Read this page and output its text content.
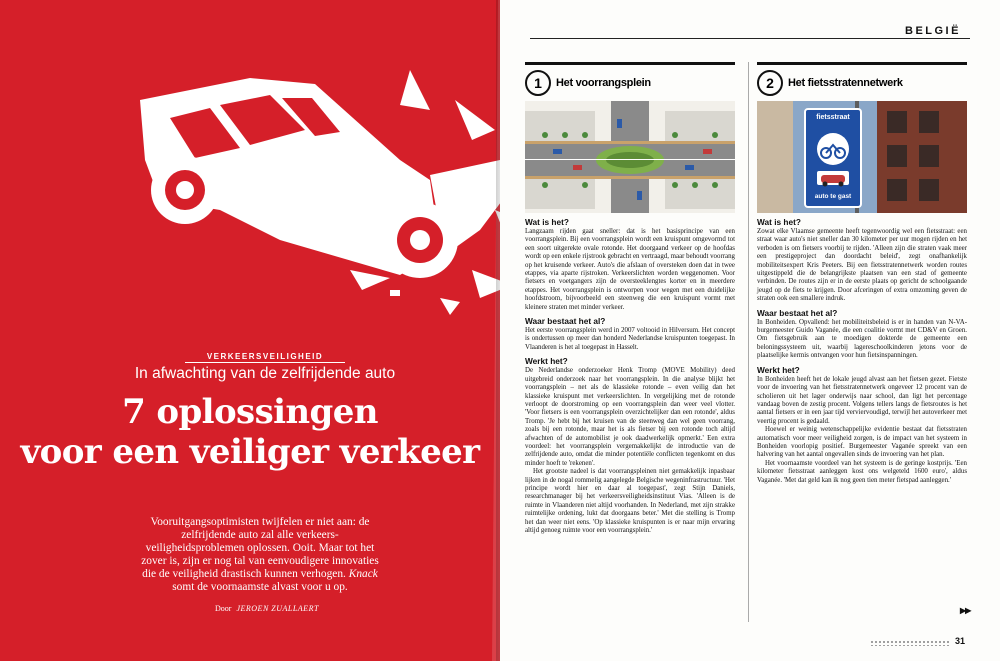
VERKEERSVEILIGHEID
In afwachting van de zelfrijdende auto
7 oplossingen
voor een veiliger verkeer

Vooruitgangsoptimisten twijfelen er niet aan: de zelfrijdende auto zal alle verkeers-veiligheidsproblemen oplossen. Ooit. Maar tot het zover is, zijn er nog tal van eenvoudigere innovaties die de veiligheid drastisch kunnen verhogen. Knack somt de voornaamste alvast voor u op.

Door JEROEN ZUALLAERT
BELGIË
1	Het voorrangsplein
Wat is het?

Langzaam rijden gaat sneller: dat is het basisprincipe van een voorrangsplein. Bij een voorrangsplein wordt een kruispunt omgevormd tot een soort uitgerekte ovale rotonde. Het doorgaand verkeer op de hoofdas wordt op een enkele rijstrook gebracht en vertraagd, maar behoudt voorrang op het kruisende verkeer. Auto's die afslaan of oversteken doen dat in twee etappes, via aparte rijstroken. Verkeerslichten worden weggenomen. Voor fietsers en voetgangers zijn de oversteeklengtes korter en in meerdere etappes. Het voorrangsplein is ontworpen voor wegen met een duidelijke hoofdstroom, bijvoorbeeld een steenweg die een kruispunt vormt met kleinere straten met minder verkeer.

Waar bestaat het al?

Het eerste voorrangsplein werd in 2007 voltooid in Hilversum. Het concept is ondertussen op meer dan honderd Nederlandse kruispunten toegepast. In Vlaanderen is het al toegepast in Hasselt.

Werkt het?

De Nederlandse onderzoeker Henk Tromp (MOVE Mobility) deed uitgebreid onderzoek naar het voorrangsplein. In die analyse blijkt het voorrangsplein – net als de klassieke rotonde – even veilig dan het klassieke kruispunt met verkeerslichten. In vergelijking met de rotonde verloopt de doorstroming op een voorrangsplein dan weer veel vlotter. 'Voor fietsers is een voorrangsplein overzichtelijker dan een rotonde', aldus Tromp. 'Je hebt bij het kruisen van de steenweg dan wel geen voorrang, zoals bij een rotonde, maar het is als fietser bij een rotonde toch altijd afwachten of de automobilist je ook daadwerkelijk opmerkt.' Een extra voordeel: het voorrangsplein vergemakkelijkt de introductie van de zelfrijdende auto, omdat die minder potentiële conflicten tegenkomt en dus minder hoeft te 'rekenen'.

Het grootste nadeel is dat voorrangspleinen niet gemakkelijk inpasbaar lijken in de nogal rommelig aangelegde Belgische wegeninfrastructuur. 'Het principe wordt hier en daar al toegepast', zegt Stijn Daniels, researchmanager bij het verkeersveiligheidsinstituut Vias. 'Alleen is de ruimte in Vlaanderen niet altijd voorhanden. In Nederland, met zijn strakke ruimtelijke ordening, lukt dat doorgaans beter.' Met die stelling is Tromp het dan weer niet eens. 'Op klassieke kruispunten is er naar mijn ervaring altijd genoeg ruimte voor een voorrangsplein.'

2	Het fietsstratennetwerk
fietsstraat
auto te gast
Wat is het?

Zowat elke Vlaamse gemeente heeft tegenwoordig wel een fietsstraat: een straat waar auto's niet sneller dan 30 kilometer per uur mogen rijden en het verboden is om fietsers voorbij te rijden. 'Alleen zijn die straten vaak meer een prestigeproject dan doordacht beleid', zegt onafhankelijk mobiliteitsexpert Kris Peeters. Bij een fietsstratennetwerk worden routes uitgestippeld die de belangrijkste plaatsen van een stad of gemeente verbinden. De routes zijn er in de eerste plaats op gericht de schoolgaande jeugd op de fiets te krijgen. Door afceringen of extra omzoming geven de straten ook een smallere indruk.

Waar bestaat het al?

In Bonheiden. Opvallend: het mobiliteitsbeleid is er in handen van N-VA-burgemeester Guido Vaganée, die een coalitie vormt met CD&V en Groen. Om fietsgebruik aan te moedigen dokterde de gemeente een beloningssysteem uit, waarbij lagereschoolkinderen jetons voor de plaatselijke kermis ontvangen voor hun fietsinspanningen.

Werkt het?

In Bonheiden heeft het de lokale jeugd alvast aan het fietsen gezet. Fietste voor de invoering van het fietsstratennetwerk ongeveer 12 procent van de scholieren uit het lager onderwijs naar school, dan ligt het percentage vandaag boven de zestig procent. Volgens tellers langs de fietsroutes is het aantal fietsers er in een jaar tijd verviervoudigd, terwijl het autoverkeer met veertig procent is gedaald.

Hoewel er weinig wetenschappelijke evidentie bestaat dat fietsstraten automatisch voor meer veiligheid zorgen, is de impact van het systeem in Bonheiden voorlopig positief. Burgemeester Vaganée spreekt van een halvering van het aantal ongevallen sinds de invoering van het plan.

Het voornaamste voordeel van het systeem is de geringe kostprijs. 'Een kilometer fietsstraat aanleggen kost ons welgeteld 1600 euro', aldus Vaganée. 'Met dat geld kan ik nog geen tien meter fietspad aanleggen.'

▶▶
31
